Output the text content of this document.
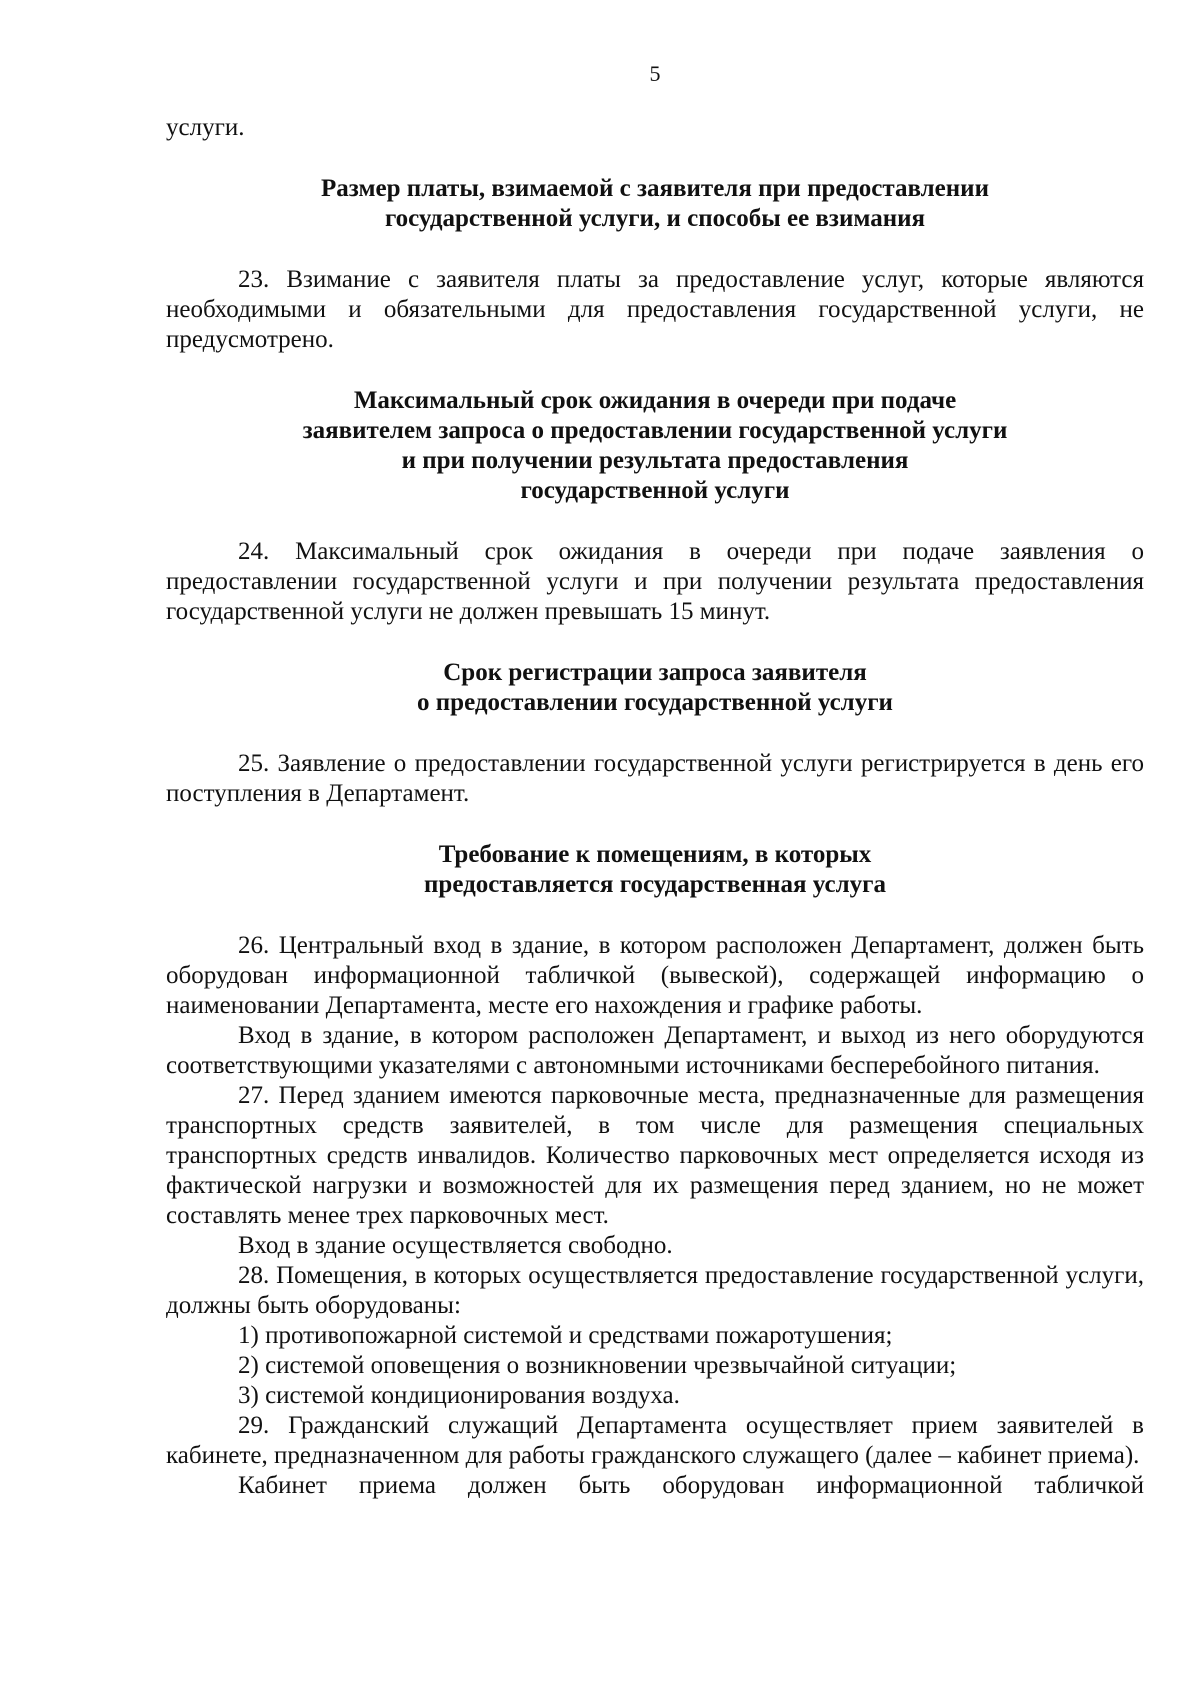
5

услуги.

Размер платы, взимаемой с заявителя при предоставлении
государственной услуги, и способы ее взимания

23. Взимание с заявителя платы за предоставление услуг, которые являются необходимыми и обязательными для предоставления государственной услуги, не предусмотрено.

Максимальный срок ожидания в очереди при подаче
заявителем запроса о предоставлении государственной услуги
и при получении результата предоставления
государственной услуги

24. Максимальный срок ожидания в очереди при подаче заявления о предоставлении государственной услуги и при получении результата предоставления государственной услуги не должен превышать 15 минут.

Срок регистрации запроса заявителя
о предоставлении государственной услуги

25. Заявление о предоставлении государственной услуги регистрируется в день его поступления в Департамент.

Требование к помещениям, в которых
предоставляется государственная услуга

26. Центральный вход в здание, в котором расположен Департамент, должен быть оборудован информационной табличкой (вывеской), содержащей информацию о наименовании Департамента, месте его нахождения и графике работы.

Вход в здание, в котором расположен Департамент, и выход из него оборудуются соответствующими указателями с автономными источниками бесперебойного питания.

27. Перед зданием имеются парковочные места, предназначенные для размещения транспортных средств заявителей, в том числе для размещения специальных транспортных средств инвалидов. Количество парковочных мест определяется исходя из фактической нагрузки и возможностей для их размещения перед зданием, но не может составлять менее трех парковочных мест.

Вход в здание осуществляется свободно.

28. Помещения, в которых осуществляется предоставление государственной услуги, должны быть оборудованы:

1) противопожарной системой и средствами пожаротушения;

2) системой оповещения о возникновении чрезвычайной ситуации;

3) системой кондиционирования воздуха.

29. Гражданский служащий Департамента осуществляет прием заявителей в кабинете, предназначенном для работы гражданского служащего (далее – кабинет приема).

Кабинет приема должен быть оборудован информационной табличкой
